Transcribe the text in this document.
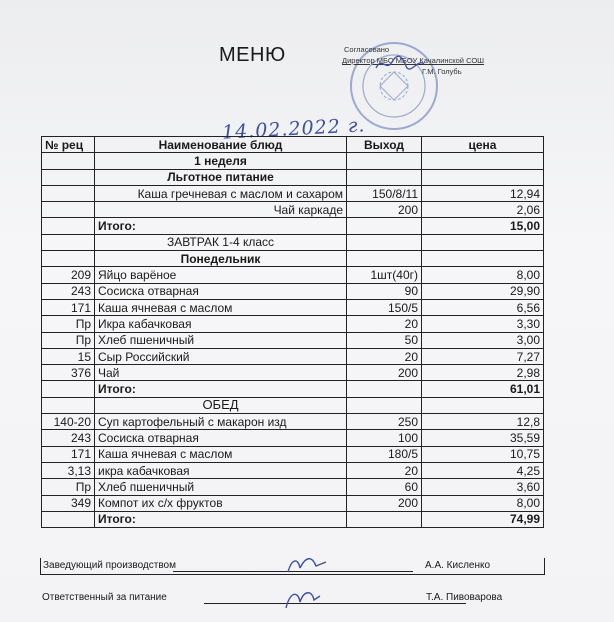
МЕНЮ	Согласовано
Директор МБО МБОУ Качалинской СОШ
Г.М. Голубь
14.02.2022 г.
№ рец	Наименование блюд	Выход	цена
	1 неделя		
	Льготное питание		
	Каша гречневая с маслом и сахаром	150/8/11	12,94
	Чай каркаде	200	2,06
	Итого:		15,00
	ЗАВТРАК 1-4 класс		
	Понедельник		
209	Яйцо варёное	1шт(40г)	8,00
243	Сосиска отварная	90	29,90
171	Каша ячневая с маслом	150/5	6,56
Пр	Икра кабачковая	20	3,30
Пр	Хлеб пшеничный	50	3,00
15	Сыр Российский	20	7,27
376	Чай	200	2,98
	Итого:		61,01
	ОБЕД		
140-20	Суп картофельный с макарон изд	250	12,8
243	Сосиска отварная	100	35,59
171	Каша ячневая с маслом	180/5	10,75
3,13	икра кабачковая	20	4,25
Пр	Хлеб пшеничный	60	3,60
349	Компот их с/х фруктов	200	8,00
	Итого:		74,99
Заведующий производством	А.А. Кисленко
Ответственный за питание	Т.А. Пивоварова
